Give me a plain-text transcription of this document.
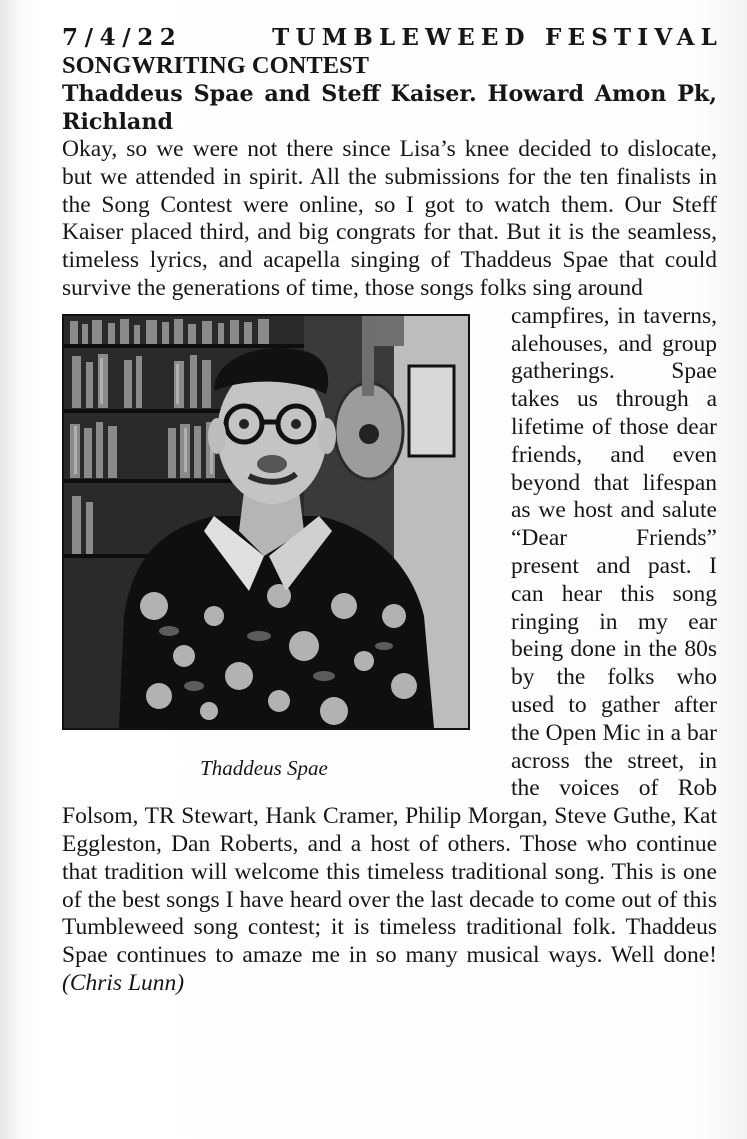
7/4/22	TUMBLEWEED FESTIVAL

SONGWRITING CONTEST

Thaddeus Spae and Steff Kaiser. Howard Amon Pk, Richland

Okay, so we were not there since Lisa’s knee decided to dislocate, but we attended in spirit. All the submissions for the ten finalists in the Song Contest were online, so I got to watch them. Our Steff Kaiser placed third, and big congrats for that. But it is the seamless, timeless lyrics, and acapella singing of Thaddeus Spae that could survive the generations of time, those songs folks sing around

Thaddeus Spae

campfires, in taverns, alehouses, and group gatherings. Spae takes us through a lifetime of those dear friends, and even beyond that lifespan as we host and salute “Dear Friends” present and past. I can hear this song ringing in my ear being done in the 80s by the folks who used to gather after the Open Mic in a bar across the street, in the voices of Rob Folsom, TR Stewart, Hank Cramer, Philip Morgan, Steve Guthe, Kat Eggleston, Dan Roberts, and a host of others. Those who continue that tradition will welcome this timeless traditional song. This is one of the best songs I have heard over the last decade to come out of this Tumbleweed song contest; it is timeless traditional folk. Thaddeus Spae continues to amaze me in so many musical ways. Well done! (Chris Lunn)
